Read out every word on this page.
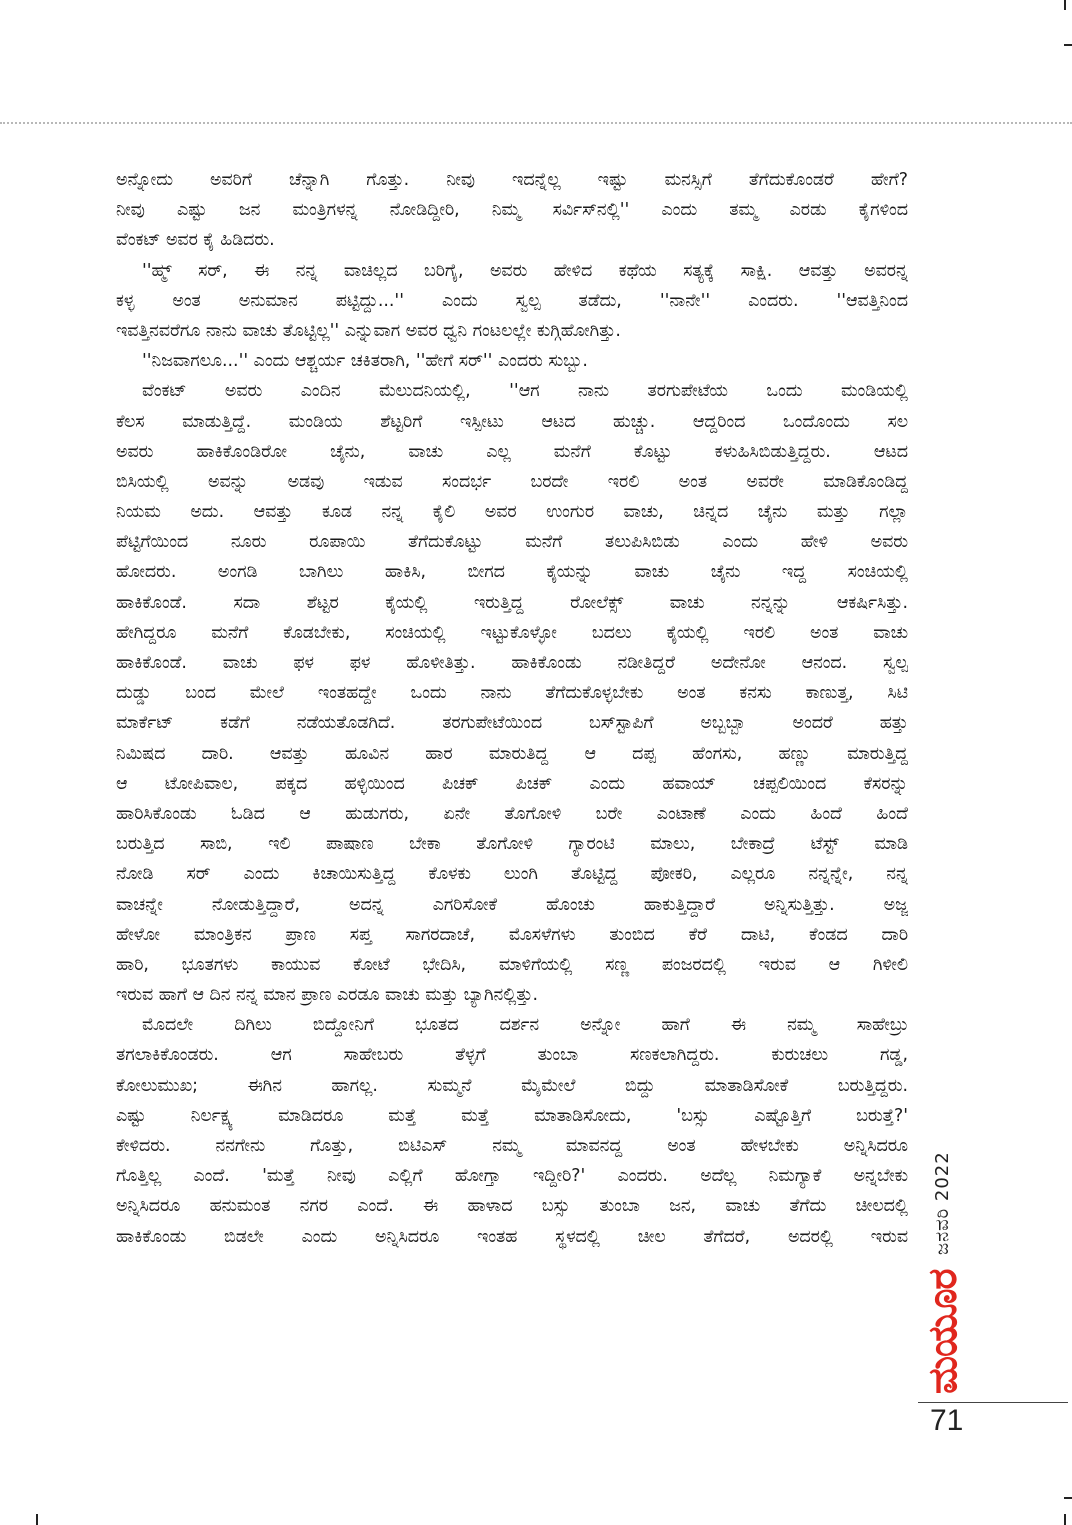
ಅನ್ನೋದು ಅವರಿಗೆ ಚೆನ್ನಾಗಿ ಗೊತ್ತು. ನೀವು ಇದನ್ನೆಲ್ಲ ಇಷ್ಟು ಮನಸ್ಸಿಗೆ ತೆಗೆದುಕೊಂಡರೆ ಹೇಗೆ?
ನೀವು ಎಷ್ಟು ಜನ ಮಂತ್ರಿಗಳನ್ನ ನೋಡಿದ್ದೀರಿ, ನಿಮ್ಮ ಸರ್ವಿಸ್‌ನಲ್ಲಿ'' ಎಂದು ತಮ್ಮ ಎರಡು ಕೈಗಳಿಂದ
ವೆಂಕಟ್ ಅವರ ಕೈ ಹಿಡಿದರು.
''ಹ್ಮ್ ಸರ್, ಈ ನನ್ನ ವಾಚಿಲ್ಲದ ಬರಿಗೈ, ಅವರು ಹೇಳಿದ ಕಥೆಯ ಸತ್ಯಕ್ಕೆ ಸಾಕ್ಷಿ. ಆವತ್ತು ಅವರನ್ನ
ಕಳ್ಳ ಅಂತ ಅನುಮಾನ ಪಟ್ಟಿದ್ದು...'' ಎಂದು ಸ್ವಲ್ಪ ತಡೆದು, ''ನಾನೇ'' ಎಂದರು. ''ಆವತ್ತಿನಿಂದ
ಇವತ್ತಿನವರೆಗೂ ನಾನು ವಾಚು ತೊಟ್ಟಿಲ್ಲ'' ಎನ್ನುವಾಗ ಅವರ ಧ್ವನಿ ಗಂಟಲಲ್ಲೇ ಕುಗ್ಗಿಹೋಗಿತ್ತು.
''ನಿಜವಾಗಲೂ...'' ಎಂದು ಆಶ್ಚರ್ಯ ಚಕಿತರಾಗಿ, ''ಹೇಗೆ ಸರ್'' ಎಂದರು ಸುಬ್ಬು.
ವೆಂಕಟ್ ಅವರು ಎಂದಿನ ಮೆಲುದನಿಯಲ್ಲಿ, ''ಆಗ ನಾನು ತರಗುಪೇಟೆಯ ಒಂದು ಮಂಡಿಯಲ್ಲಿ
ಕೆಲಸ ಮಾಡುತ್ತಿದ್ದೆ. ಮಂಡಿಯ ಶೆಟ್ಟರಿಗೆ ಇಸ್ಪೀಟು ಆಟದ ಹುಚ್ಚು. ಆದ್ದರಿಂದ ಒಂದೊಂದು ಸಲ
ಅವರು ಹಾಕಿಕೊಂಡಿರೋ ಚೈನು, ವಾಚು ಎಲ್ಲ ಮನೆಗೆ ಕೊಟ್ಟು ಕಳುಹಿಸಿಬಿಡುತ್ತಿದ್ದರು. ಆಟದ
ಬಿಸಿಯಲ್ಲಿ ಅವನ್ನು ಅಡವು ಇಡುವ ಸಂದರ್ಭ ಬರದೇ ಇರಲಿ ಅಂತ ಅವರೇ ಮಾಡಿಕೊಂಡಿದ್ದ
ನಿಯಮ ಅದು. ಆವತ್ತು ಕೂಡ ನನ್ನ ಕೈಲಿ ಅವರ ಉಂಗುರ ವಾಚು, ಚಿನ್ನದ ಚೈನು ಮತ್ತು ಗಲ್ಲಾ
ಪೆಟ್ಟಿಗೆಯಿಂದ ನೂರು ರೂಪಾಯಿ ತೆಗೆದುಕೊಟ್ಟು ಮನೆಗೆ ತಲುಪಿಸಿಬಿಡು ಎಂದು ಹೇಳಿ ಅವರು
ಹೋದರು. ಅಂಗಡಿ ಬಾಗಿಲು ಹಾಕಿಸಿ, ಬೀಗದ ಕೈಯನ್ನು ವಾಚು ಚೈನು ಇದ್ದ ಸಂಚಿಯಲ್ಲಿ
ಹಾಕಿಕೊಂಡೆ. ಸದಾ ಶೆಟ್ಟರ ಕೈಯಲ್ಲಿ ಇರುತ್ತಿದ್ದ ರೋಲೆಕ್ಸ್ ವಾಚು ನನ್ನನ್ನು ಆಕರ್ಷಿಸಿತ್ತು.
ಹೇಗಿದ್ದರೂ ಮನೆಗೆ ಕೊಡಬೇಕು, ಸಂಚಿಯಲ್ಲಿ ಇಟ್ಟುಕೊಳ್ಳೋ ಬದಲು ಕೈಯಲ್ಲಿ ಇರಲಿ ಅಂತ ವಾಚು
ಹಾಕಿಕೊಂಡೆ. ವಾಚು ಫಳ ಫಳ ಹೊಳೀತಿತ್ತು. ಹಾಕಿಕೊಂಡು ನಡೀತಿದ್ದರೆ ಅದೇನೋ ಆನಂದ. ಸ್ವಲ್ಪ
ದುಡ್ಡು ಬಂದ ಮೇಲೆ ಇಂತಹದ್ದೇ ಒಂದು ನಾನು ತೆಗೆದುಕೊಳ್ಳಬೇಕು ಅಂತ ಕನಸು ಕಾಣುತ್ತ, ಸಿಟಿ
ಮಾರ್ಕೆಟ್ ಕಡೆಗೆ ನಡೆಯತೊಡಗಿದೆ. ತರಗುಪೇಟೆಯಿಂದ ಬಸ್‌ಸ್ಟಾಪಿಗೆ ಅಬ್ಬಬ್ಬಾ ಅಂದರೆ ಹತ್ತು
ನಿಮಿಷದ ದಾರಿ. ಆವತ್ತು ಹೂವಿನ ಹಾರ ಮಾರುತಿದ್ದ ಆ ದಪ್ಪ ಹೆಂಗಸು, ಹಣ್ಣು ಮಾರುತ್ತಿದ್ದ
ಆ ಟೋಪಿವಾಲ, ಪಕ್ಕದ ಹಳ್ಳಿಯಿಂದ ಪಿಚಕ್ ಪಿಚಕ್ ಎಂದು ಹವಾಯ್ ಚಪ್ಪಲಿಯಿಂದ ಕೆಸರನ್ನು
ಹಾರಿಸಿಕೊಂಡು ಓಡಿದ ಆ ಹುಡುಗರು, ಏನೇ ತೊಗೋಳಿ ಬರೇ ಎಂಟಾಣೆ ಎಂದು ಹಿಂದೆ ಹಿಂದೆ
ಬರುತ್ತಿದ ಸಾಬಿ, ಇಲಿ ಪಾಷಾಣ ಬೇಕಾ ತೊಗೋಳಿ ಗ್ಯಾರಂಟಿ ಮಾಲು, ಬೇಕಾದ್ರೆ ಟೆಸ್ಟ್ ಮಾಡಿ
ನೋಡಿ ಸರ್ ಎಂದು ಕಿಚಾಯಿಸುತ್ತಿದ್ದ ಕೊಳಕು ಲುಂಗಿ ತೊಟ್ಟಿದ್ದ ಪೋಕರಿ, ಎಲ್ಲರೂ ನನ್ನನ್ನೇ, ನನ್ನ
ವಾಚನ್ನೇ ನೋಡುತ್ತಿದ್ದಾರೆ, ಅದನ್ನ ಎಗರಿಸೋಕೆ ಹೊಂಚು ಹಾಕುತ್ತಿದ್ದಾರೆ ಅನ್ನಿಸುತ್ತಿತ್ತು. ಅಜ್ಜ
ಹೇಳೋ ಮಾಂತ್ರಿಕನ ಪ್ರಾಣ ಸಪ್ತ ಸಾಗರದಾಚೆ, ಮೊಸಳೆಗಳು ತುಂಬಿದ ಕೆರೆ ದಾಟಿ, ಕೆಂಡದ ದಾರಿ
ಹಾರಿ, ಭೂತಗಳು ಕಾಯುವ ಕೋಟೆ ಭೇದಿಸಿ, ಮಾಳಿಗೆಯಲ್ಲಿ ಸಣ್ಣ ಪಂಜರದಲ್ಲಿ ಇರುವ ಆ ಗಿಳೀಲಿ
ಇರುವ ಹಾಗೆ ಆ ದಿನ ನನ್ನ ಮಾನ ಪ್ರಾಣ ಎರಡೂ ವಾಚು ಮತ್ತು ಬ್ಯಾಗಿನಲ್ಲಿತ್ತು.
ಮೊದಲೇ ದಿಗಿಲು ಬಿದ್ದೋನಿಗೆ ಭೂತದ ದರ್ಶನ ಅನ್ನೋ ಹಾಗೆ ಈ ನಮ್ಮ ಸಾಹೇಬ್ರು
ತಗಲಾಕಿಕೊಂಡರು. ಆಗ ಸಾಹೇಬರು ತೆಳ್ಳಗೆ ತುಂಬಾ ಸಣಕಲಾಗಿದ್ದರು. ಕುರುಚಲು ಗಡ್ಡ,
ಕೋಲುಮುಖ; ಈಗಿನ ಹಾಗಲ್ಲ. ಸುಮ್ಮನೆ ಮೈಮೇಲೆ ಬಿದ್ದು ಮಾತಾಡಿಸೋಕೆ ಬರುತ್ತಿದ್ದರು.
ಎಷ್ಟು ನಿರ್ಲಕ್ಷ್ಯ ಮಾಡಿದರೂ ಮತ್ತೆ ಮತ್ತೆ ಮಾತಾಡಿಸೋದು, 'ಬಸ್ಸು ಎಷ್ಟೊತ್ತಿಗೆ ಬರುತ್ತೆ?'
ಕೇಳಿದರು. ನನಗೇನು ಗೊತ್ತು, ಬಿಟಿಎಸ್ ನಮ್ಮ ಮಾವನದ್ದ ಅಂತ ಹೇಳಬೇಕು ಅನ್ನಿಸಿದರೂ
ಗೊತ್ತಿಲ್ಲ ಎಂದೆ. 'ಮತ್ತೆ ನೀವು ಎಲ್ಲಿಗೆ ಹೋಗ್ತಾ ಇದ್ದೀರಿ?' ಎಂದರು. ಅದೆಲ್ಲ ನಿಮಗ್ಯಾಕೆ ಅನ್ನಬೇಕು
ಅನ್ನಿಸಿದರೂ ಹನುಮಂತ ನಗರ ಎಂದೆ. ಈ ಹಾಳಾದ ಬಸ್ಸು ತುಂಬಾ ಜನ, ವಾಚು ತೆಗೆದು ಚೀಲದಲ್ಲಿ
ಹಾಕಿಕೊಂಡು ಬಿಡಲೇ ಎಂದು ಅನ್ನಿಸಿದರೂ ಇಂತಹ ಸ್ಥಳದಲ್ಲಿ ಚೀಲ ತೆಗೆದರೆ, ಅದರಲ್ಲಿ ಇರುವ ಜನವರಿ 2022
ಮಯೂರ
71
